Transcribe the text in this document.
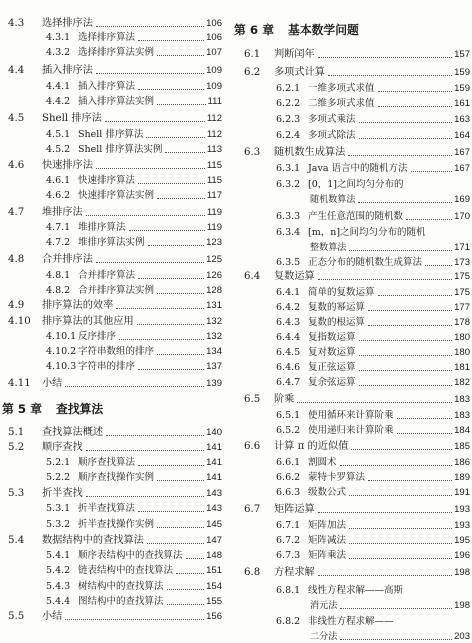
4.3	选择排序法	106
4.3.1 选择排序算法	106
4.3.2 选择排序算法实例	107
4.4	插入排序法	109
4.4.1 插入排序算法	109
4.4.2 插入排序算法实例	111
4.5	Shell 排序法	112
4.5.1 Shell 排序算法	112
4.5.2 Shell 排序算法实例	113
4.6	快速排序法	115
4.6.1 快速排序算法	115
4.6.2 快速排序算法实例	117
4.7	堆排序法	119
4.7.1 堆排序算法	119
4.7.2 堆排序算法实例	123
4.8	合并排序法	125
4.8.1 合并排序算法	126
4.8.2 合并排序算法实例	128
4.9	排序算法的效率	131
4.10	排序算法的其他应用	132
4.10.1 反序排序	132
4.10.2 字符串数组的排序	134
4.10.3 字符串的排序	137
4.11	小结	139
第 5 章 查找算法
5.1	查找算法概述	140
5.2	顺序查找	141
5.2.1 顺序查找算法	141
5.2.2 顺序查找操作实例	141
5.3	折半查找	143
5.3.1 折半查找算法	143
5.3.2 折半查找操作实例	145
5.4	数据结构中的查找算法	147
5.4.1 顺序表结构中的查找算法 148
5.4.2 链表结构中的查找算法	151
5.4.3 树结构中的查找算法	154
5.4.4 图结构中的查找算法	155
5.5	小结	156
第 6 章 基本数学问题
6.1	判断闰年	157
6.2	多项式计算	159
6.2.1 一维多项式求值	159
6.2.2 二维多项式求值	161
6.2.3 多项式乘法	163
6.2.4 多项式除法	164
6.3	随机数生成算法	167
6.3.1 Java 语言中的随机方法	167
6.3.2 [0，1]之间均匀分布的
随机数算法	169
6.3.3 产生任意范围的随机数	170
6.3.4 [m，n]之间均匀分布的随机
整数算法	171
6.3.5 正态分布的随机数生成算法	173
6.4	复数运算	175
6.4.1 简单的复数运算	175
6.4.2 复数的幂运算	177
6.4.3 复数的根运算	178
6.4.4 复指数运算	180
6.4.5 复对数运算	180
6.4.6 复正弦运算	181
6.4.7 复余弦运算	182
6.5	阶乘	183
6.5.1 使用循环来计算阶乘	183
6.5.2 使用递归来计算阶乘	184
6.6	计算 π 的近似值	185
6.6.1 割圆术	186
6.6.2 蒙特卡罗算法	189
6.6.3 级数公式	191
6.7	矩阵运算	193
6.7.1 矩阵加法	193
6.7.2 矩阵减法	195
6.7.3 矩阵乘法	196
6.8	方程求解	198
6.8.1 线性方程求解——高斯
消元法	198
6.8.2 非线性方程求解——
二分法	203
